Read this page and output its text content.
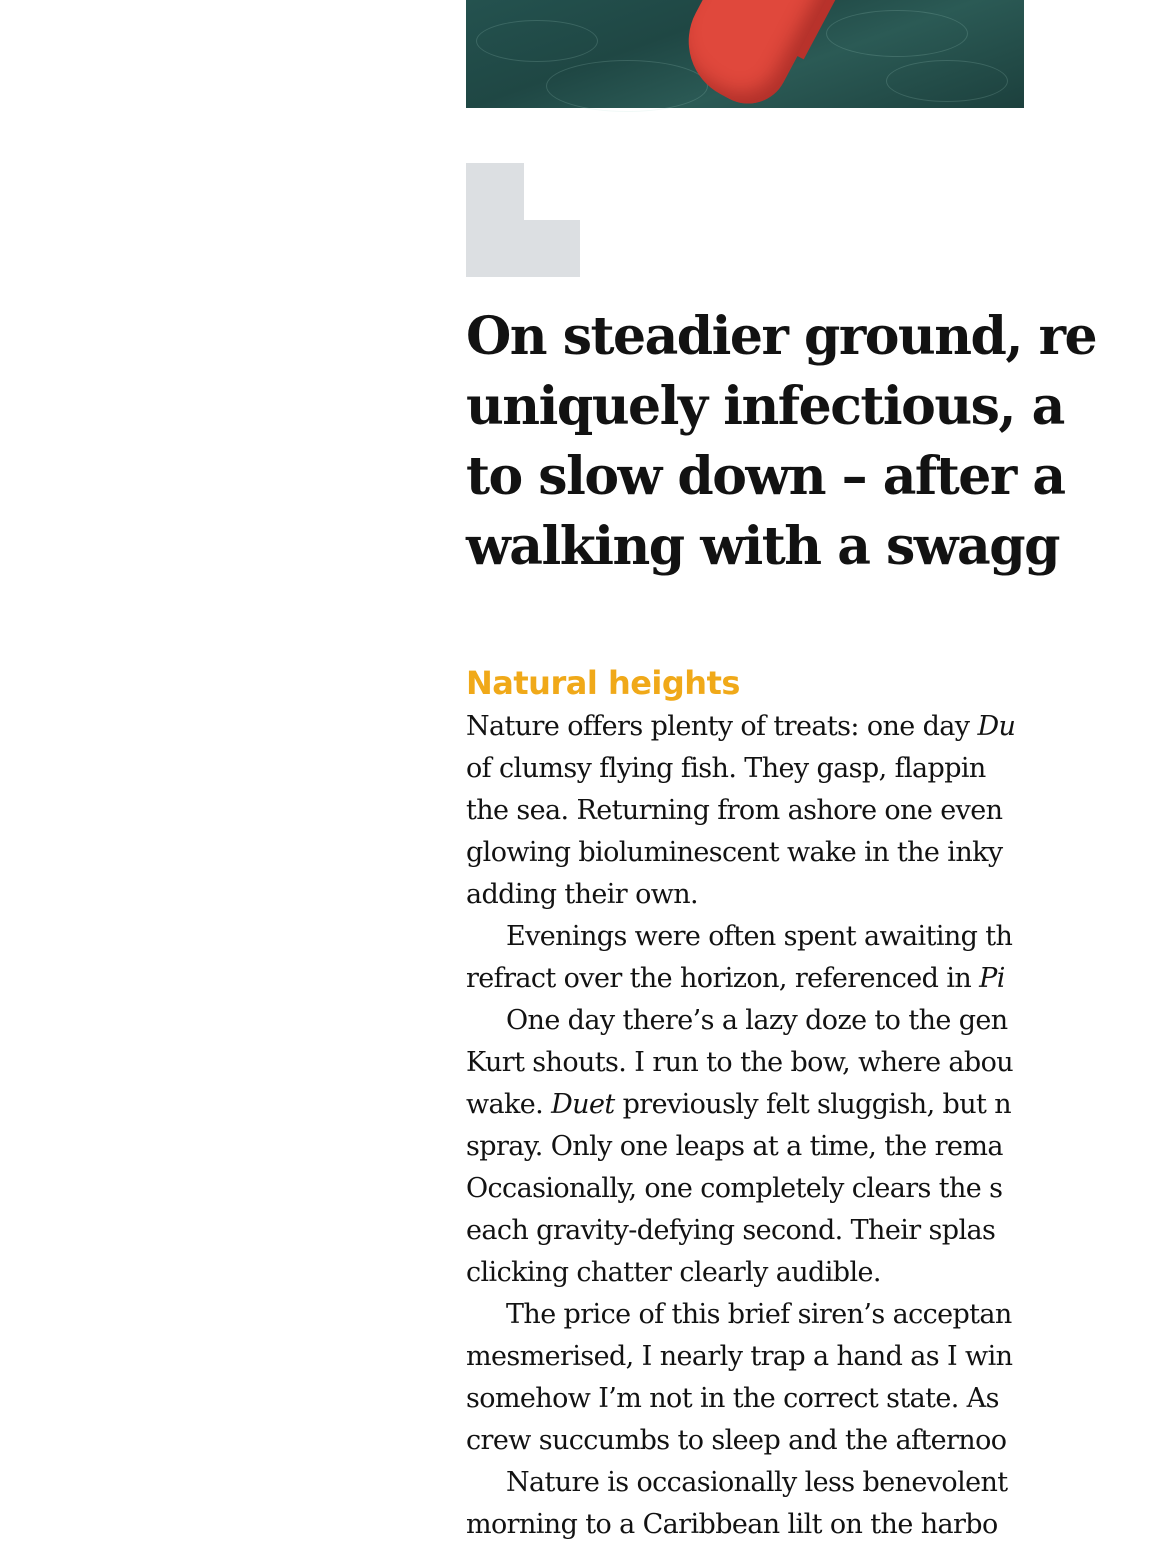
On steadier ground, re
uniquely infectious, a
to slow down – after a
walking with a swagg
Natural heights
Nature offers plenty of treats: one day Du
of clumsy flying fish. They gasp, flappin
the sea. Returning from ashore one even
glowing bioluminescent wake in the inky
adding their own.
Evenings were often spent awaiting th
refract over the horizon, referenced in Pi
One day there’s a lazy doze to the gen
Kurt shouts. I run to the bow, where abou
wake. Duet previously felt sluggish, but n
spray. Only one leaps at a time, the rema
Occasionally, one completely clears the s
each gravity-defying second. Their splas
clicking chatter clearly audible.
The price of this brief siren’s acceptan
mesmerised, I nearly trap a hand as I win
somehow I’m not in the correct state. As
crew succumbs to sleep and the afternoo
Nature is occasionally less benevolent
morning to a Caribbean lilt on the harbo
